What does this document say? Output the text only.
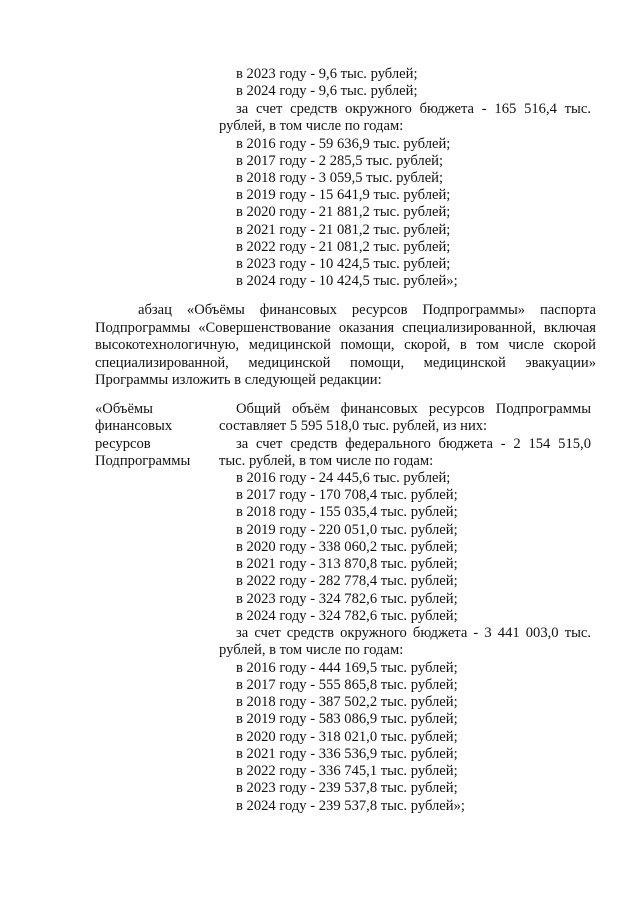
в 2023 году - 9,6 тыс. рублей;
в 2024 году - 9,6 тыс. рублей;
за счет средств окружного бюджета - 165 516,4 тыс.
рублей, в том числе по годам:
в 2016 году - 59 636,9 тыс. рублей;
в 2017 году - 2 285,5 тыс. рублей;
в 2018 году - 3 059,5 тыс. рублей;
в 2019 году - 15 641,9 тыс. рублей;
в 2020 году - 21 881,2 тыс. рублей;
в 2021 году - 21 081,2 тыс. рублей;
в 2022 году - 21 081,2 тыс. рублей;
в 2023 году - 10 424,5 тыс. рублей;
в 2024 году - 10 424,5 тыс. рублей»;
абзац «Объёмы финансовых ресурсов Подпрограммы» паспорта
Подпрограммы «Совершенствование оказания специализированной, включая
высокотехнологичную, медицинской помощи, скорой, в том числе скорой
специализированной, медицинской помощи, медицинской эвакуации»
Программы изложить в следующей редакции:
«Объёмы
финансовых
ресурсов
Подпрограммы
Общий объём финансовых ресурсов Подпрограммы
составляет 5 595 518,0 тыс. рублей, из них:
за счет средств федерального бюджета - 2 154 515,0
тыс. рублей, в том числе по годам:
в 2016 году - 24 445,6 тыс. рублей;
в 2017 году - 170 708,4 тыс. рублей;
в 2018 году - 155 035,4 тыс. рублей;
в 2019 году - 220 051,0 тыс. рублей;
в 2020 году - 338 060,2 тыс. рублей;
в 2021 году - 313 870,8 тыс. рублей;
в 2022 году - 282 778,4 тыс. рублей;
в 2023 году - 324 782,6 тыс. рублей;
в 2024 году - 324 782,6 тыс. рублей;
за счет средств окружного бюджета - 3 441 003,0 тыс.
рублей, в том числе по годам:
в 2016 году - 444 169,5 тыс. рублей;
в 2017 году - 555 865,8 тыс. рублей;
в 2018 году - 387 502,2 тыс. рублей;
в 2019 году - 583 086,9 тыс. рублей;
в 2020 году - 318 021,0 тыс. рублей;
в 2021 году - 336 536,9 тыс. рублей;
в 2022 году - 336 745,1 тыс. рублей;
в 2023 году - 239 537,8 тыс. рублей;
в 2024 году - 239 537,8 тыс. рублей»;
